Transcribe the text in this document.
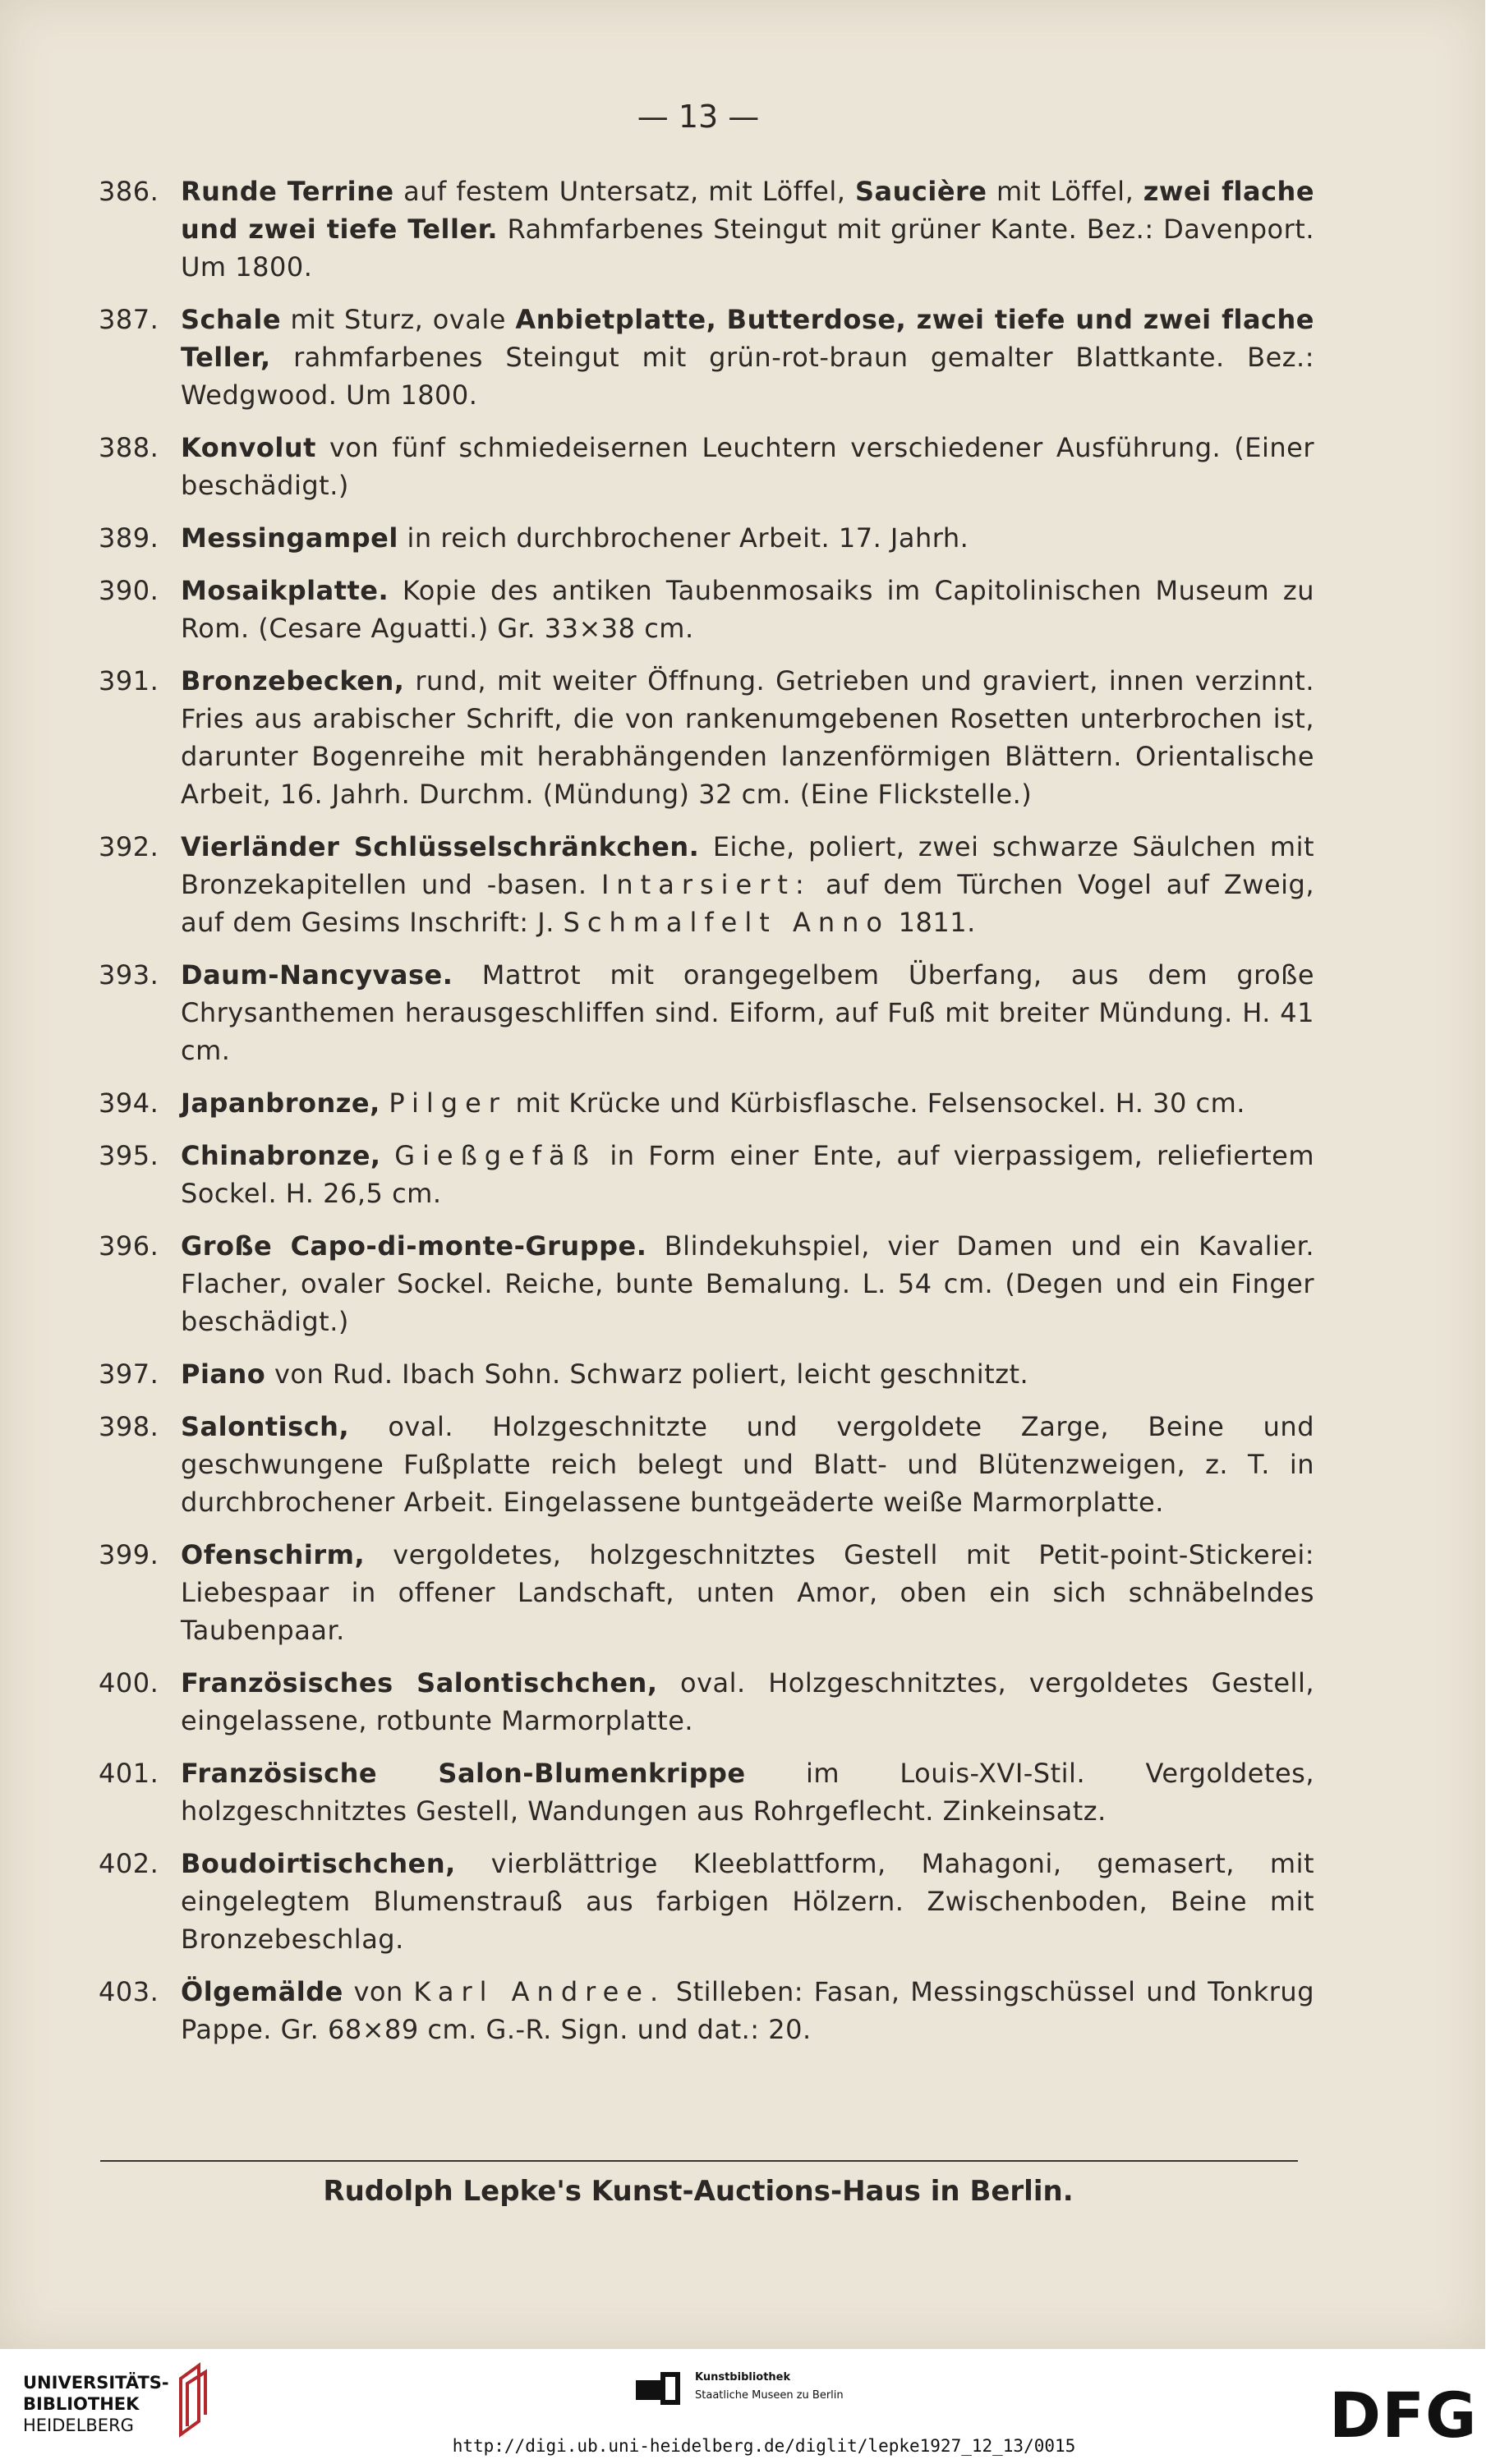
— 13 —
386. Runde Terrine auf festem Untersatz, mit Löffel, Saucière mit Löffel, zwei flache und zwei tiefe Teller. Rahmfarbenes Steingut mit grüner Kante. Bez.: Davenport. Um 1800.
387. Schale mit Sturz, ovale Anbietplatte, Butterdose, zwei tiefe und zwei flache Teller, rahmfarbenes Steingut mit grün-rot-braun gemalter Blattkante. Bez.: Wedgwood. Um 1800.
388. Konvolut von fünf schmiedeisernen Leuchtern verschiedener Ausführung. (Einer beschädigt.)
389. Messingampel in reich durchbrochener Arbeit. 17. Jahrh.
390. Mosaikplatte. Kopie des antiken Taubenmosaiks im Capitolinischen Museum zu Rom. (Cesare Aguatti.) Gr. 33×38 cm.
391. Bronzebecken, rund, mit weiter Öffnung. Getrieben und graviert, innen verzinnt. Fries aus arabischer Schrift, die von rankenumgebenen Rosetten unterbrochen ist, darunter Bogenreihe mit herabhängenden lanzenförmigen Blättern. Orientalische Arbeit, 16. Jahrh. Durchm. (Mündung) 32 cm. (Eine Flickstelle.)
392. Vierländer Schlüsselschränkchen. Eiche, poliert, zwei schwarze Säulchen mit Bronzekapitellen und -basen. Intarsiert: auf dem Türchen Vogel auf Zweig, auf dem Gesims Inschrift: J. Schmalfelt Anno 1811.
393. Daum-Nancyvase. Mattrot mit orangegelbem Überfang, aus dem große Chrysanthemen herausgeschliffen sind. Eiform, auf Fuß mit breiter Mündung. H. 41 cm.
394. Japanbronze, Pilger mit Krücke und Kürbisflasche. Felsensockel. H. 30 cm.
395. Chinabronze, Gießgefäß in Form einer Ente, auf vierpassigem, reliefiertem Sockel. H. 26,5 cm.
396. Große Capo-di-monte-Gruppe. Blindekuhspiel, vier Damen und ein Kavalier. Flacher, ovaler Sockel. Reiche, bunte Bemalung. L. 54 cm. (Degen und ein Finger beschädigt.)
397. Piano von Rud. Ibach Sohn. Schwarz poliert, leicht geschnitzt.
398. Salontisch, oval. Holzgeschnitzte und vergoldete Zarge, Beine und geschwungene Fußplatte reich belegt und Blatt- und Blütenzweigen, z. T. in durchbrochener Arbeit. Eingelassene buntgeäderte weiße Marmorplatte.
399. Ofenschirm, vergoldetes, holzgeschnitztes Gestell mit Petit-point-Stickerei: Liebespaar in offener Landschaft, unten Amor, oben ein sich schnäbelndes Taubenpaar.
400. Französisches Salontischchen, oval. Holzgeschnitztes, vergoldetes Gestell, eingelassene, rotbunte Marmorplatte.
401. Französische Salon-Blumenkrippe im Louis-XVI-Stil. Vergoldetes, holzgeschnitztes Gestell, Wandungen aus Rohrgeflecht. Zinkeinsatz.
402. Boudoirtischchen, vierblättrige Kleeblattform, Mahagoni, gemasert, mit eingelegtem Blumenstrauß aus farbigen Hölzern. Zwischenboden, Beine mit Bronzebeschlag.
403. Ölgemälde von Karl Andree. Stilleben: Fasan, Messingschüssel und Tonkrug Pappe. Gr. 68×89 cm. G.-R. Sign. und dat.: 20.
Rudolph Lepke's Kunst-Auctions-Haus in Berlin.
UNIVERSITÄTS-
BIBLIOTHEK
HEIDELBERG
Kunstbibliothek
Staatliche Museen zu Berlin	DFG
http://digi.ub.uni-heidelberg.de/diglit/lepke1927_12_13/0015
